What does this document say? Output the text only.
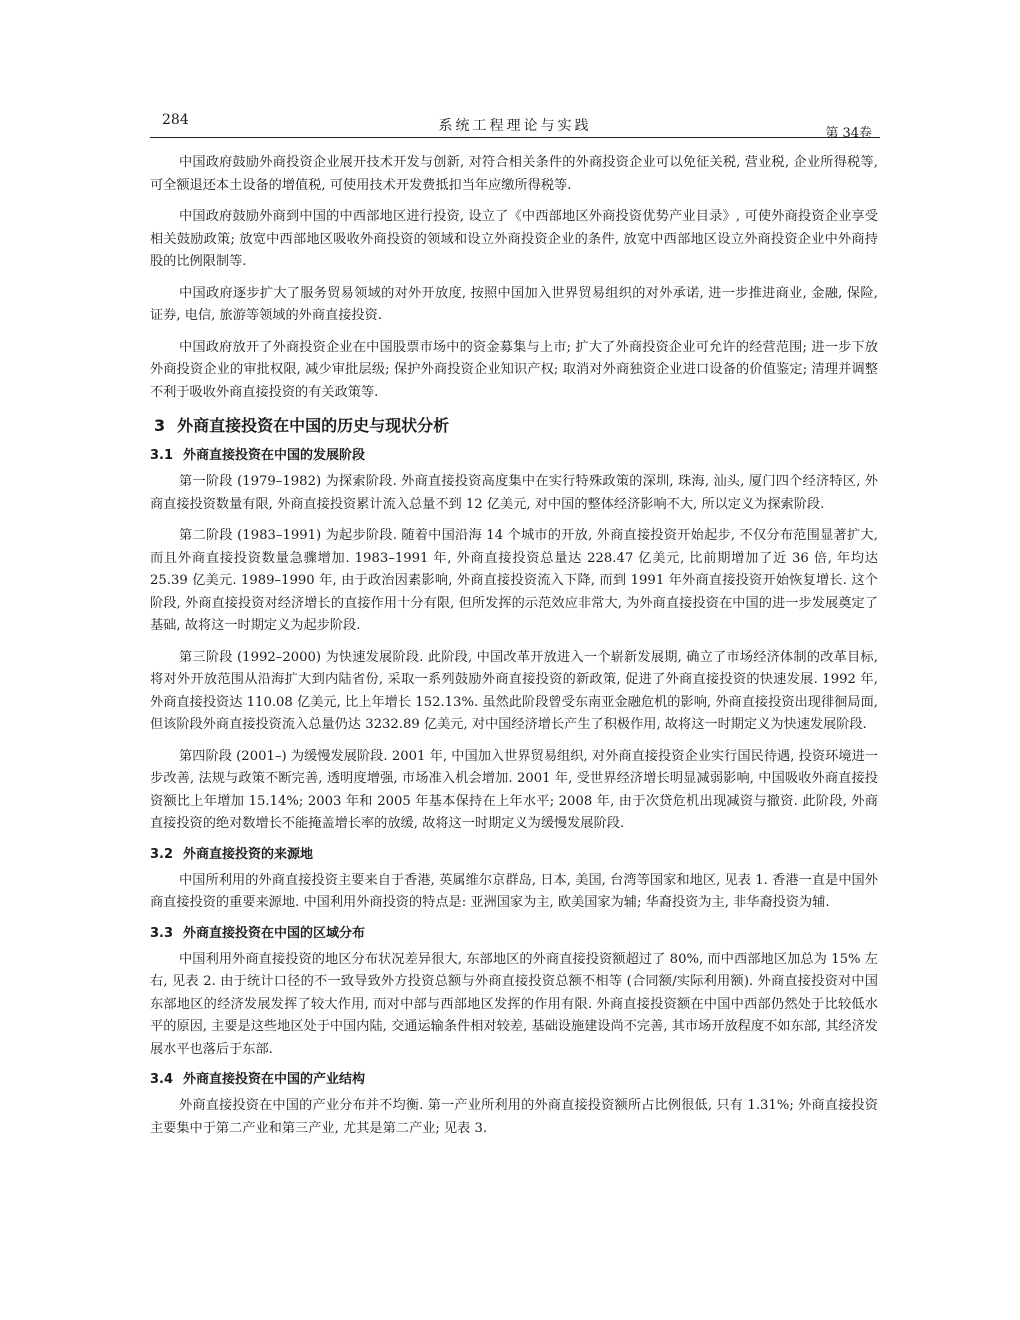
284	系统工程理论与实践	第 34卷

中国政府鼓励外商投资企业展开技术开发与创新, 对符合相关条件的外商投资企业可以免征关税, 营业税, 企业所得税等, 可全额退还本土设备的增值税, 可使用技术开发费抵扣当年应缴所得税等.

中国政府鼓励外商到中国的中西部地区进行投资, 设立了《中西部地区外商投资优势产业目录》, 可使外商投资企业享受相关鼓励政策; 放宽中西部地区吸收外商投资的领域和设立外商投资企业的条件, 放宽中西部地区设立外商投资企业中外商持股的比例限制等.

中国政府逐步扩大了服务贸易领域的对外开放度, 按照中国加入世界贸易组织的对外承诺, 进一步推进商业, 金融, 保险, 证券, 电信, 旅游等领域的外商直接投资.

中国政府放开了外商投资企业在中国股票市场中的资金募集与上市; 扩大了外商投资企业可允许的经营范围; 进一步下放外商投资企业的审批权限, 减少审批层级; 保护外商投资企业知识产权; 取消对外商独资企业进口设备的价值鉴定; 清理并调整不利于吸收外商直接投资的有关政策等.

3 外商直接投资在中国的历史与现状分析
3.1 外商直接投资在中国的发展阶段

第一阶段 (1979–1982) 为探索阶段. 外商直接投资高度集中在实行特殊政策的深圳, 珠海, 汕头, 厦门四个经济特区, 外商直接投资数量有限, 外商直接投资累计流入总量不到 12 亿美元, 对中国的整体经济影响不大, 所以定义为探索阶段.

第二阶段 (1983–1991) 为起步阶段. 随着中国沿海 14 个城市的开放, 外商直接投资开始起步, 不仅分布范围显著扩大, 而且外商直接投资数量急骤增加. 1983–1991 年, 外商直接投资总量达 228.47 亿美元, 比前期增加了近 36 倍, 年均达 25.39 亿美元. 1989–1990 年, 由于政治因素影响, 外商直接投资流入下降, 而到 1991 年外商直接投资开始恢复增长. 这个阶段, 外商直接投资对经济增长的直接作用十分有限, 但所发挥的示范效应非常大, 为外商直接投资在中国的进一步发展奠定了基础, 故将这一时期定义为起步阶段.

第三阶段 (1992–2000) 为快速发展阶段. 此阶段, 中国改革开放进入一个崭新发展期, 确立了市场经济体制的改革目标, 将对外开放范围从沿海扩大到内陆省份, 采取一系列鼓励外商直接投资的新政策, 促进了外商直接投资的快速发展. 1992 年, 外商直接投资达 110.08 亿美元, 比上年增长 152.13%. 虽然此阶段曾受东南亚金融危机的影响, 外商直接投资出现徘徊局面, 但该阶段外商直接投资流入总量仍达 3232.89 亿美元, 对中国经济增长产生了积极作用, 故将这一时期定义为快速发展阶段.

第四阶段 (2001–) 为缓慢发展阶段. 2001 年, 中国加入世界贸易组织, 对外商直接投资企业实行国民待遇, 投资环境进一步改善, 法规与政策不断完善, 透明度增强, 市场准入机会增加. 2001 年, 受世界经济增长明显减弱影响, 中国吸收外商直接投资额比上年增加 15.14%; 2003 年和 2005 年基本保持在上年水平; 2008 年, 由于次贷危机出现减资与撤资. 此阶段, 外商直接投资的绝对数增长不能掩盖增长率的放缓, 故将这一时期定义为缓慢发展阶段.

3.2 外商直接投资的来源地

中国所利用的外商直接投资主要来自于香港, 英属维尔京群岛, 日本, 美国, 台湾等国家和地区, 见表 1. 香港一直是中国外商直接投资的重要来源地. 中国利用外商投资的特点是: 亚洲国家为主, 欧美国家为辅; 华裔投资为主, 非华裔投资为辅.

3.3 外商直接投资在中国的区域分布

中国利用外商直接投资的地区分布状况差异很大, 东部地区的外商直接投资额超过了 80%, 而中西部地区加总为 15% 左右, 见表 2. 由于统计口径的不一致导致外方投资总额与外商直接投资总额不相等 (合同额/实际利用额). 外商直接投资对中国东部地区的经济发展发挥了较大作用, 而对中部与西部地区发挥的作用有限. 外商直接投资额在中国中西部仍然处于比较低水平的原因, 主要是这些地区处于中国内陆, 交通运输条件相对较差, 基础设施建设尚不完善, 其市场开放程度不如东部, 其经济发展水平也落后于东部.

3.4 外商直接投资在中国的产业结构

外商直接投资在中国的产业分布并不均衡. 第一产业所利用的外商直接投资额所占比例很低, 只有 1.31%; 外商直接投资主要集中于第二产业和第三产业, 尤其是第二产业; 见表 3.
